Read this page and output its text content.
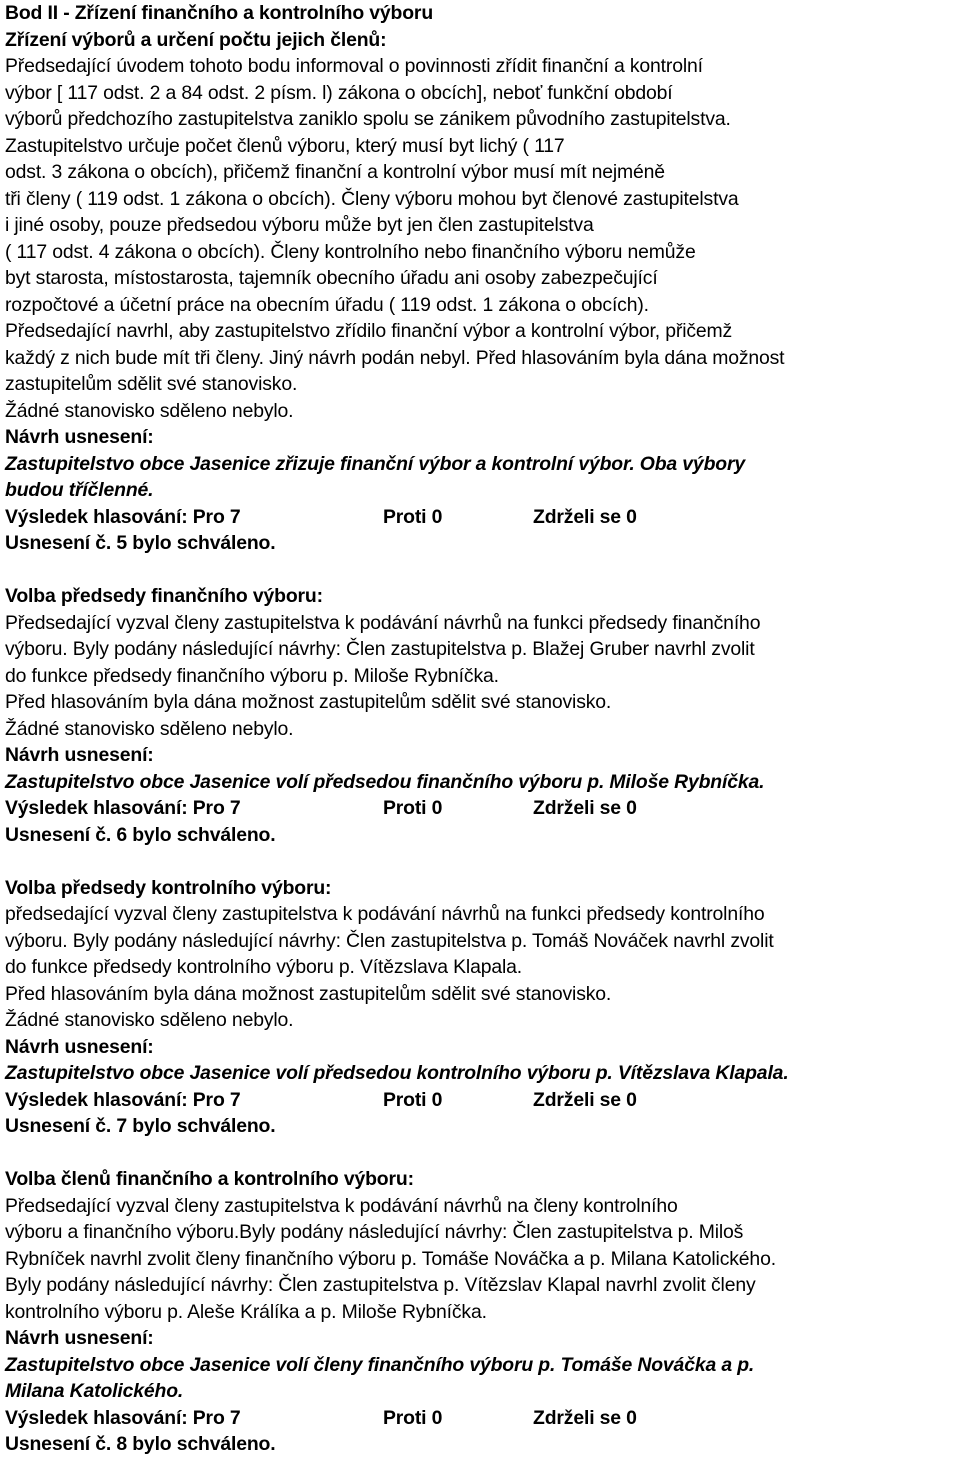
Bod II - Zřízení finančního a kontrolního výboru
Zřízení výborů a určení počtu jejich členů:
Předsedající úvodem tohoto bodu informoval o povinnosti zřídit finanční a kontrolní
výbor [ 117 odst. 2 a 84 odst. 2 písm. l) zákona o obcích], neboť funkční období
výborů předchozího zastupitelstva zaniklo spolu se zánikem původního zastupitelstva.
Zastupitelstvo určuje počet členů výboru, který musí byt lichý ( 117
odst. 3 zákona o obcích), přičemž finanční a kontrolní výbor musí mít nejméně
tři členy ( 119 odst. 1 zákona o obcích). Členy výboru mohou byt členové zastupitelstva
i jiné osoby, pouze předsedou výboru může byt jen člen zastupitelstva
( 117 odst. 4 zákona o obcích). Členy kontrolního nebo finančního výboru nemůže
byt starosta, místostarosta, tajemník obecního úřadu ani osoby zabezpečující
rozpočtové a účetní práce na obecním úřadu ( 119 odst. 1 zákona o obcích).
Předsedající navrhl, aby zastupitelstvo zřídilo finanční výbor a kontrolní výbor, přičemž
každý z nich bude mít tři členy. Jiný návrh podán nebyl. Před hlasováním byla dána možnost
zastupitelům sdělit své stanovisko.
Žádné stanovisko sděleno nebylo.
Návrh usnesení:
Zastupitelstvo obce Jasenice zřizuje finanční výbor a kontrolní výbor. Oba výbory
budou tříčlenné.
Výsledek hlasování: Pro 7	Proti 0	Zdrželi se 0
Usnesení č. 5 bylo schváleno.
Volba předsedy finančního výboru:
Předsedající vyzval členy zastupitelstva k podávání návrhů na funkci předsedy finančního
výboru. Byly podány následující návrhy: Člen zastupitelstva p. Blažej Gruber navrhl zvolit
do funkce předsedy finančního výboru p. Miloše Rybníčka.
Před hlasováním byla dána možnost zastupitelům sdělit své stanovisko.
Žádné stanovisko sděleno nebylo.
Návrh usnesení:
Zastupitelstvo obce Jasenice volí předsedou finančního výboru p. Miloše Rybníčka.
Výsledek hlasování: Pro 7	Proti 0	Zdrželi se 0
Usnesení č. 6 bylo schváleno.
Volba předsedy kontrolního výboru:
předsedající vyzval členy zastupitelstva k podávání návrhů na funkci předsedy kontrolního
výboru. Byly podány následující návrhy: Člen zastupitelstva p. Tomáš Nováček navrhl zvolit
do funkce předsedy kontrolního výboru p. Vítězslava Klapala.
Před hlasováním byla dána možnost zastupitelům sdělit své stanovisko.
Žádné stanovisko sděleno nebylo.
Návrh usnesení:
Zastupitelstvo obce Jasenice volí předsedou kontrolního výboru p. Vítězslava Klapala.
Výsledek hlasování: Pro 7	Proti 0	Zdrželi se 0
Usnesení č. 7 bylo schváleno.
Volba členů finančního a kontrolního výboru:
Předsedající vyzval členy zastupitelstva k podávání návrhů na členy kontrolního
výboru a finančního výboru.Byly podány následující návrhy: Člen zastupitelstva p. Miloš
Rybníček navrhl zvolit členy finančního výboru p. Tomáše Nováčka a p. Milana Katolického.
Byly podány následující návrhy: Člen zastupitelstva p. Vítězslav Klapal navrhl zvolit členy
kontrolního výboru p. Aleše Králíka a p. Miloše Rybníčka.
Návrh usnesení:
Zastupitelstvo obce Jasenice volí členy finančního výboru p. Tomáše Nováčka a p.
Milana Katolického.
Výsledek hlasování: Pro 7	Proti 0	Zdrželi se 0
Usnesení č. 8 bylo schváleno.
